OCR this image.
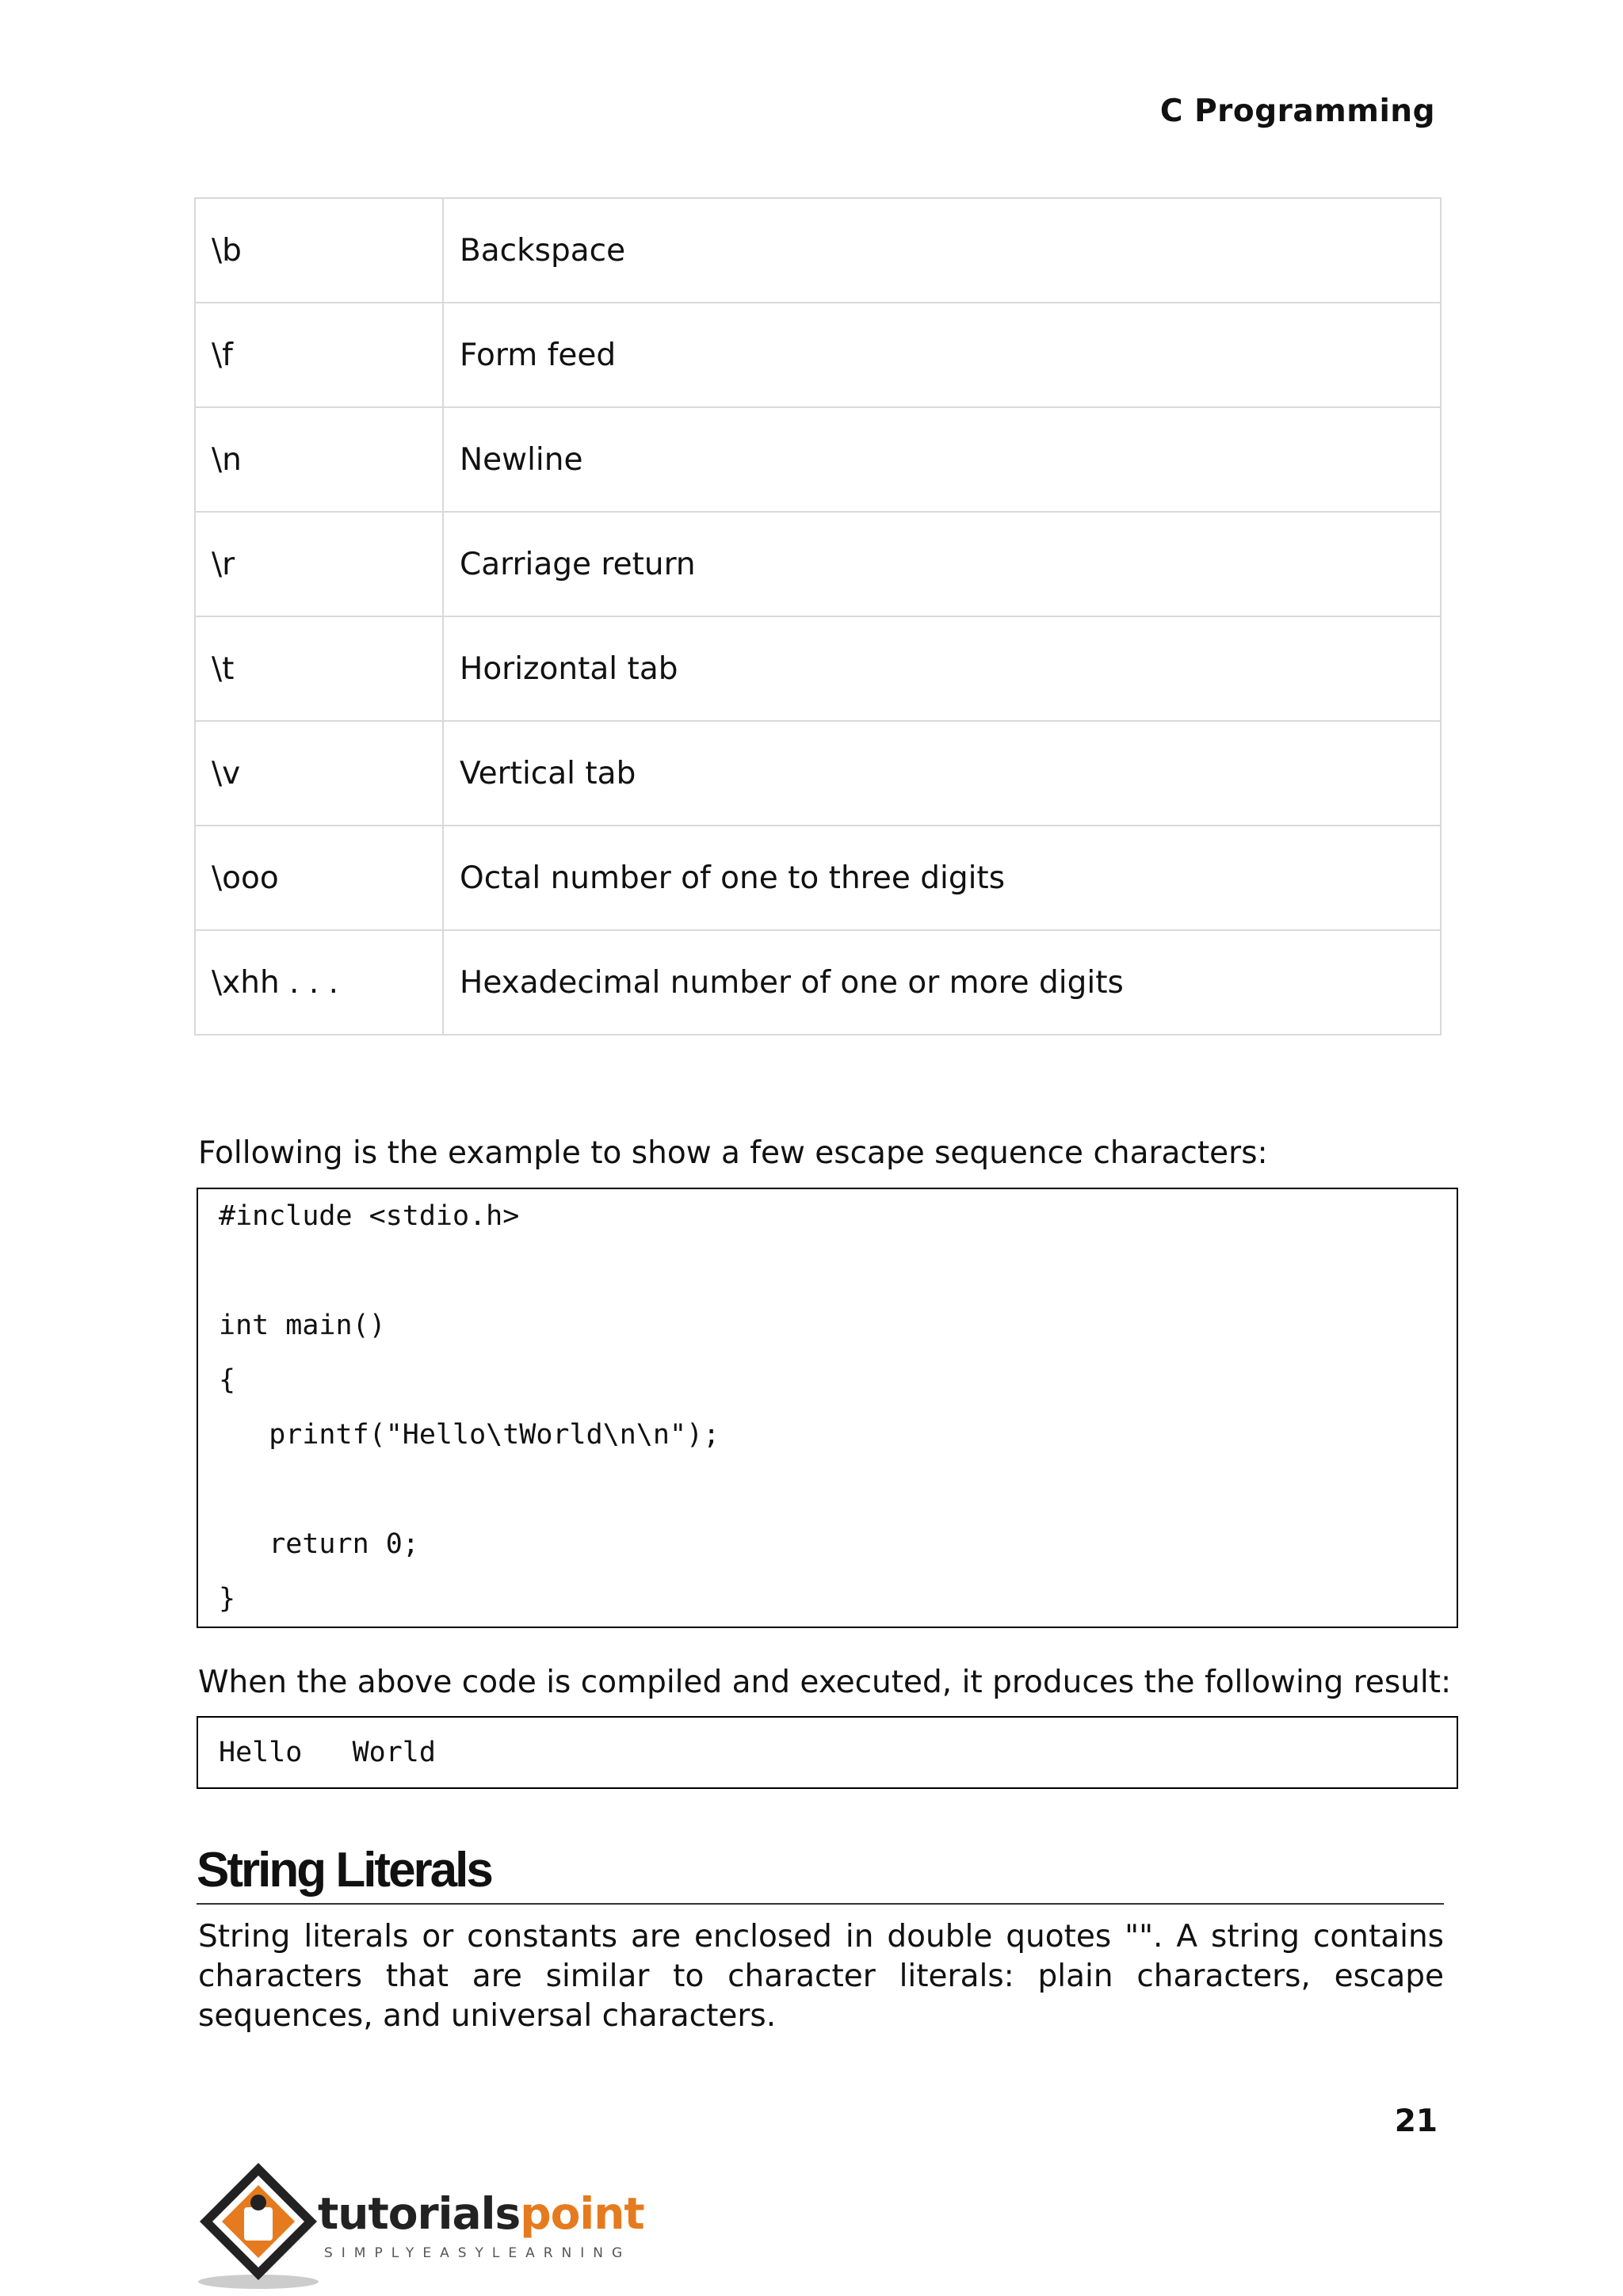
C Programming
\b	Backspace
\f	Form feed
\n	Newline
\r	Carriage return
\t	Horizontal tab
\v	Vertical tab
\ooo	Octal number of one to three digits
\xhh . . .	Hexadecimal number of one or more digits
Following is the example to show a few escape sequence characters:
#include <stdio.h>
int main()
{
printf("Hello\tWorld\n\n");
return 0;
}
When the above code is compiled and executed, it produces the following result:
Hello   World
String Literals
String literals or constants are enclosed in double quotes "". A string contains characters that are similar to character literals: plain characters, escape sequences, and universal characters.
21
tutorialspoint
SIMPLYEASYLEARNING
